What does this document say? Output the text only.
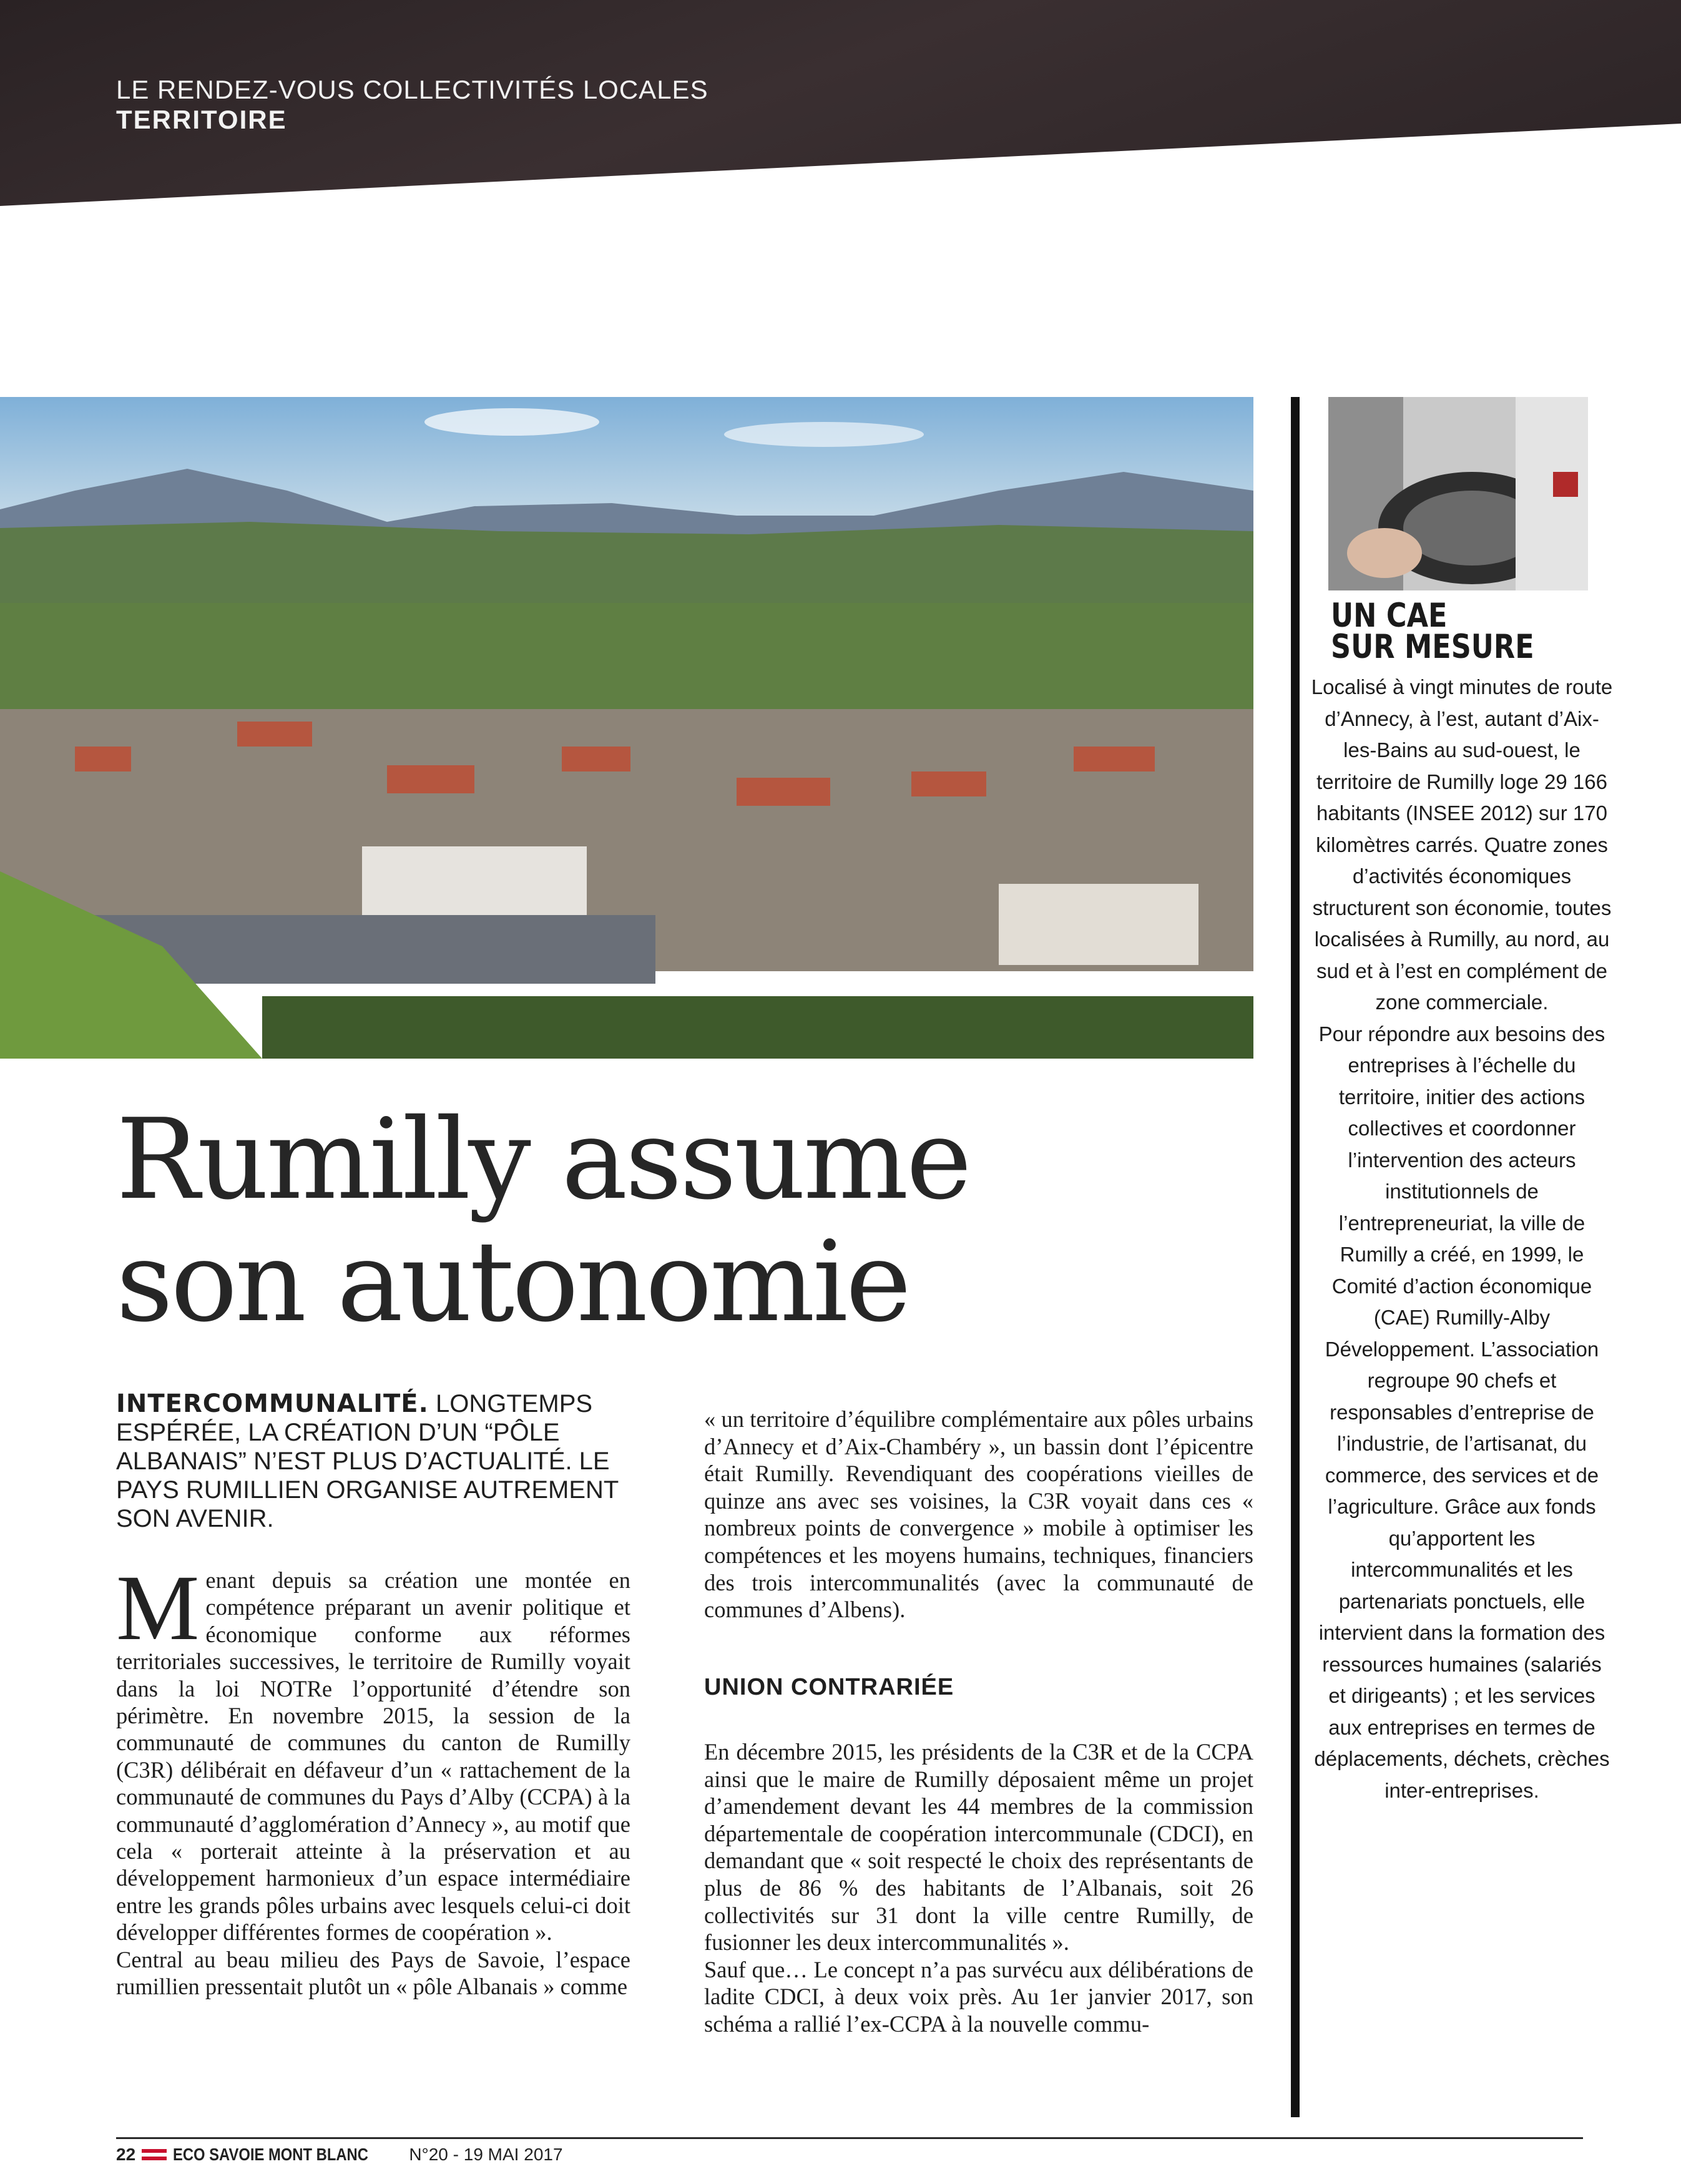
LE RENDEZ-VOUS COLLECTIVITÉS LOCALES
TERRITOIRE
UN CAE
SUR MESURE

Localisé à vingt minutes de route d’Annecy, à l’est, autant d’Aix-les-Bains au sud-ouest, le territoire de Rumilly loge 29 166 habitants (INSEE 2012) sur 170 kilomètres carrés. Quatre zones d’activités économiques structurent son économie, toutes localisées à Rumilly, au nord, au sud et à l’est en complément de zone commerciale.

Pour répondre aux besoins des entreprises à l’échelle du territoire, initier des actions collectives et coordonner l’intervention des acteurs institutionnels de l’entrepreneuriat, la ville de Rumilly a créé, en 1999, le Comité d’action économique (CAE) Rumilly-Alby Développement. L’association regroupe 90 chefs et responsables d’entreprise de l’industrie, de l’artisanat, du commerce, des services et de l’agriculture. Grâce aux fonds qu’apportent les intercommunalités et les partenariats ponctuels, elle intervient dans la formation des ressources humaines (salariés et dirigeants) ; et les services aux entreprises en termes de déplacements, déchets, crèches inter-entreprises.

Rumilly assume
son autonomie
INTERCOMMUNALITÉ. LONGTEMPS ESPÉRÉE, LA CRÉATION D’UN “PÔLE ALBANAIS” N’EST PLUS D’ACTUALITÉ. LE PAYS RUMILLIEN ORGANISE AUTREMENT SON AVENIR.
M enant depuis sa création une montée en compétence préparant un avenir politique et économique conforme aux réformes territoriales successives, le territoire de Rumilly voyait dans la loi NOTRe l’opportunité d’étendre son périmètre. En novembre 2015, la session de la communauté de communes du canton de Rumilly (C3R) délibérait en défaveur d’un « rattachement de la communauté de communes du Pays d’Alby (CCPA) à la communauté d’agglomération d’Annecy », au motif que cela « porterait atteinte à la préservation et au développement harmonieux d’un espace intermédiaire entre les grands pôles urbains avec lesquels celui-ci doit développer différentes formes de coopération ».

Central au beau milieu des Pays de Savoie, l’espace rumillien pressentait plutôt un « pôle Albanais » comme

« un territoire d’équilibre complémentaire aux pôles urbains d’Annecy et d’Aix-Chambéry », un bassin dont l’épicentre était Rumilly. Revendiquant des coopérations vieilles de quinze ans avec ses voisines, la C3R voyait dans ces « nombreux points de convergence » mobile à optimiser les compétences et les moyens humains, techniques, financiers des trois intercommunalités (avec la communauté de communes d’Albens).

UNION CONTRARIÉE

En décembre 2015, les présidents de la C3R et de la CCPA ainsi que le maire de Rumilly déposaient même un projet d’amendement devant les 44 membres de la commission départementale de coopération intercommunale (CDCI), en demandant que « soit respecté le choix des représentants de plus de 86 % des habitants de l’Albanais, soit 26 collectivités sur 31 dont la ville centre Rumilly, de fusionner les deux intercommunalités ».

Sauf que… Le concept n’a pas survécu aux délibérations de ladite CDCI, à deux voix près. Au 1er janvier 2017, son schéma a rallié l’ex-CCPA à la nouvelle commu-

22 ECO SAVOIE MONT BLANC N°20 - 19 MAI 2017
